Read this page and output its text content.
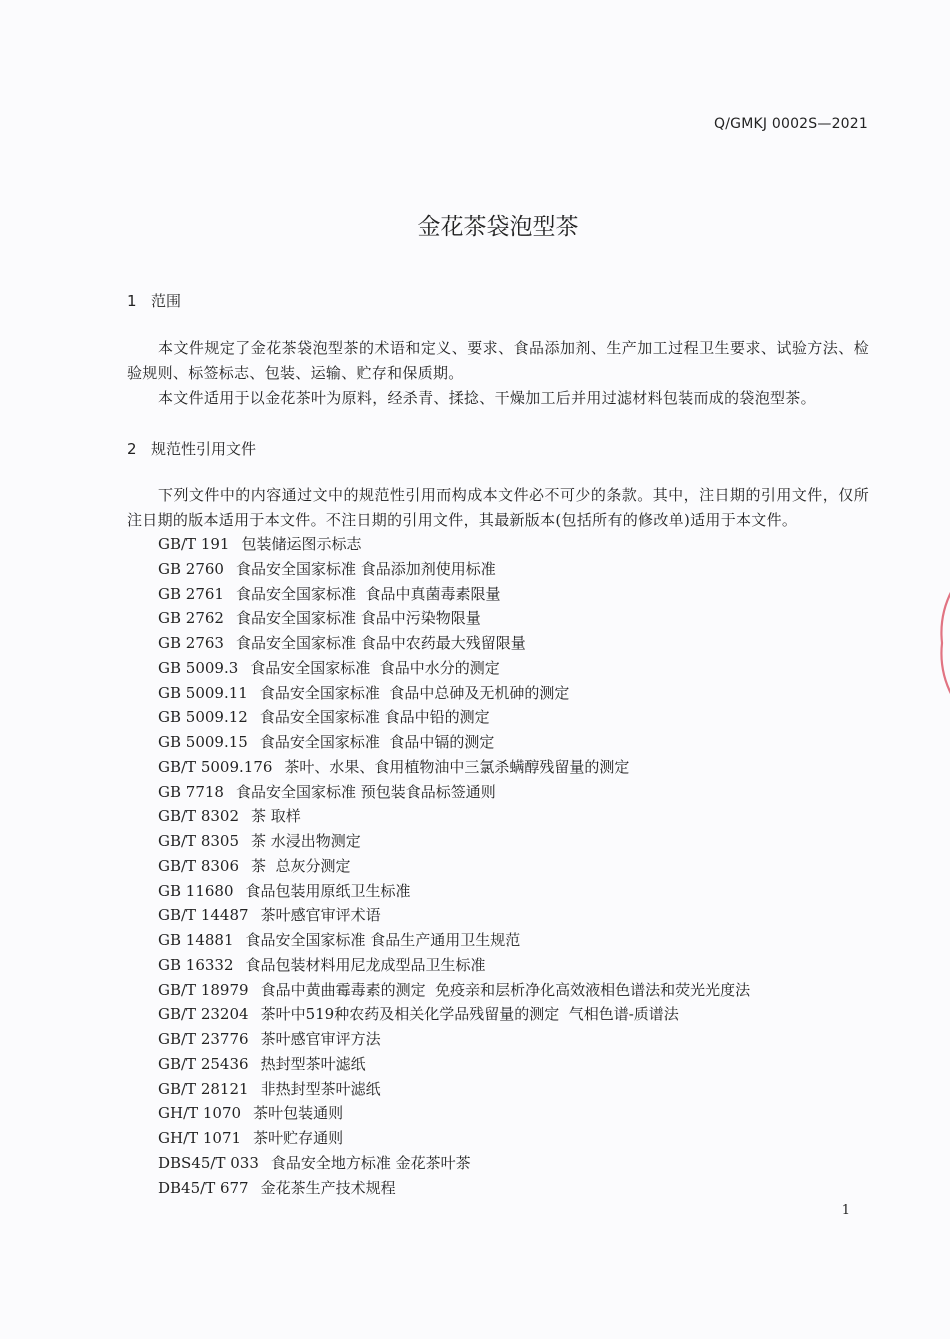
Q/GMKJ 0002S—2021
金花茶袋泡型茶
1 范围
本文件规定了金花茶袋泡型茶的术语和定义、要求、食品添加剂、生产加工过程卫生要求、试验方法、检验规则、标签标志、包装、运输、贮存和保质期。
本文件适用于以金花茶叶为原料，经杀青、揉捻、干燥加工后并用过滤材料包装而成的袋泡型茶。
2 规范性引用文件
下列文件中的内容通过文中的规范性引用而构成本文件必不可少的条款。其中，注日期的引用文件，仅所注日期的版本适用于本文件。不注日期的引用文件，其最新版本(包括所有的修改单)适用于本文件。
GB/T 191 包装储运图示标志
GB 2760 食品安全国家标准 食品添加剂使用标准
GB 2761 食品安全国家标准  食品中真菌毒素限量
GB 2762 食品安全国家标准 食品中污染物限量
GB 2763 食品安全国家标准 食品中农药最大残留限量
GB 5009.3 食品安全国家标准  食品中水分的测定
GB 5009.11 食品安全国家标准  食品中总砷及无机砷的测定
GB 5009.12 食品安全国家标准 食品中铅的测定
GB 5009.15 食品安全国家标准  食品中镉的测定
GB/T 5009.176 茶叶、水果、食用植物油中三氯杀螨醇残留量的测定
GB 7718 食品安全国家标准 预包装食品标签通则
GB/T 8302 茶 取样
GB/T 8305 茶 水浸出物测定
GB/T 8306 茶  总灰分测定
GB 11680 食品包装用原纸卫生标准
GB/T 14487 茶叶感官审评术语
GB 14881 食品安全国家标准 食品生产通用卫生规范
GB 16332 食品包装材料用尼龙成型品卫生标准
GB/T 18979 食品中黄曲霉毒素的测定  免疫亲和层析净化高效液相色谱法和荧光光度法
GB/T 23204 茶叶中519种农药及相关化学品残留量的测定  气相色谱-质谱法
GB/T 23776 茶叶感官审评方法
GB/T 25436 热封型茶叶滤纸
GB/T 28121 非热封型茶叶滤纸
GH/T 1070 茶叶包装通则
GH/T 1071 茶叶贮存通则
DBS45/T 033 食品安全地方标准 金花茶叶茶
DB45/T 677 金花茶生产技术规程
1
